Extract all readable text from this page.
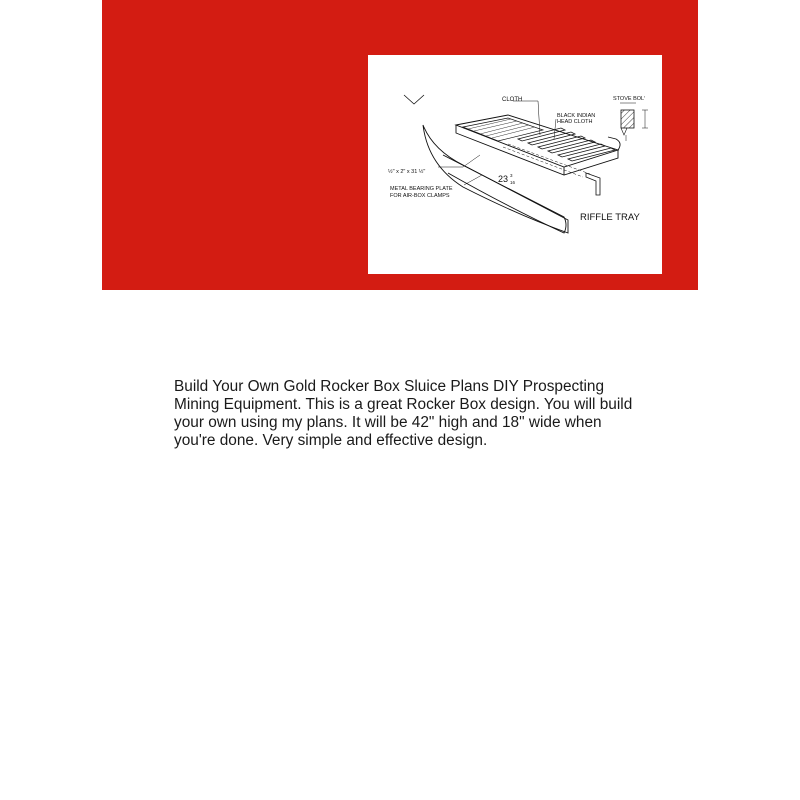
CLOTH
BLACK INDIAN
HEAD CLOTH
STOVE BOLʹ
½" x 2" x 31 ½"
23 3
16
METAL BEARING PLATE
FOR AIR-BOX CLAMPS
RIFFLE TRAY

Build Your Own Gold Rocker Box Sluice Plans DIY Prospecting Mining Equipment. This is a great Rocker Box design. You will build your own using my plans. It will be 42" high and 18" wide when you're done. Very simple and effective design.
